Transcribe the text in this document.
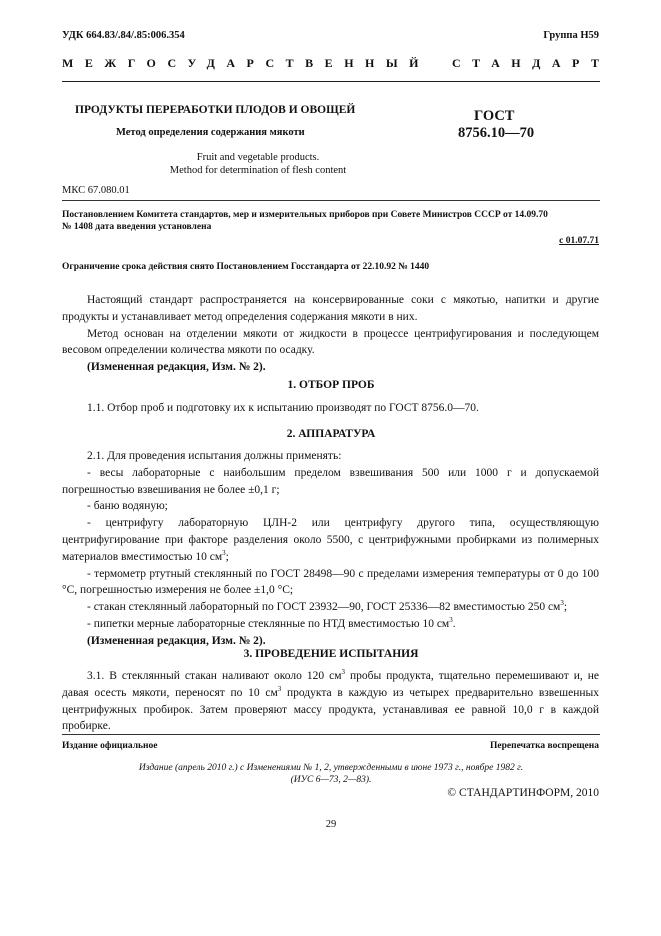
УДК 664.83/.84/.85:006.354	Группа Н59
МЕЖГОСУДАРСТВЕННЫЙ СТАНДАРТ
ПРОДУКТЫ ПЕРЕРАБОТКИ ПЛОДОВ И ОВОЩЕЙ
Метод определения содержания мякоти
ГОСТ
8756.10—70
Fruit and vegetable products.
Method for determination of flesh content
МКС 67.080.01
Постановлением Комитета стандартов, мер и измерительных приборов при Совете Министров СССР от 14.09.70
№ 1408 дата введения установлена
с 01.07.71
Ограничение срока действия снято Постановлением Госстандарта от 22.10.92 № 1440

Настоящий стандарт распространяется на консервированные соки с мякотью, напитки и другие продукты и устанавливает метод определения содержания мякоти в них.

Метод основан на отделении мякоти от жидкости в процессе центрифугирования и последующем весовом определении количества мякоти по осадку.

(Измененная редакция, Изм. № 2).

1. ОТБОР ПРОБ

1.1. Отбор проб и подготовку их к испытанию производят по ГОСТ 8756.0—70.

2. АППАРАТУРА

2.1. Для проведения испытания должны применять:

- весы лабораторные с наибольшим пределом взвешивания 500 или 1000 г и допускаемой погрешностью взвешивания не более ±0,1 г;

- баню водяную;

- центрифугу лабораторную ЦЛН-2 или центрифугу другого типа, осуществляющую центрифугирование при факторе разделения около 5500, с центрифужными пробирками из полимерных материалов вместимостью 10 $см^3$;

- термометр ртутный стеклянный по ГОСТ 28498—90 с пределами измерения температуры от 0 до 100 °С, погрешностью измерения не более ±1,0 °С;

- стакан стеклянный лабораторный по ГОСТ 23932—90, ГОСТ 25336—82 вместимостью 250 $см^3$;

- пипетки мерные лабораторные стеклянные по НТД вместимостью 10 $см^3$.

(Измененная редакция, Изм. № 2).

3. ПРОВЕДЕНИЕ ИСПЫТАНИЯ

3.1. В стеклянный стакан наливают около 120 $см^3$ пробы продукта, тщательно перемешивают и, не давая осесть мякоти, переносят по 10 $см^3$ продукта в каждую из четырех предварительно взвешенных центрифужных пробирок. Затем проверяют массу продукта, устанавливая ее равной 10,0 г в каждой пробирке.

Издание официальное	Перепечатка воспрещена
Издание (апрель 2010 г.) с Изменениями № 1, 2, утвержденными в июне 1973 г., ноябре 1982 г.
(ИУС 6—73, 2—83).
© СТАНДАРТИНФОРМ, 2010
29
